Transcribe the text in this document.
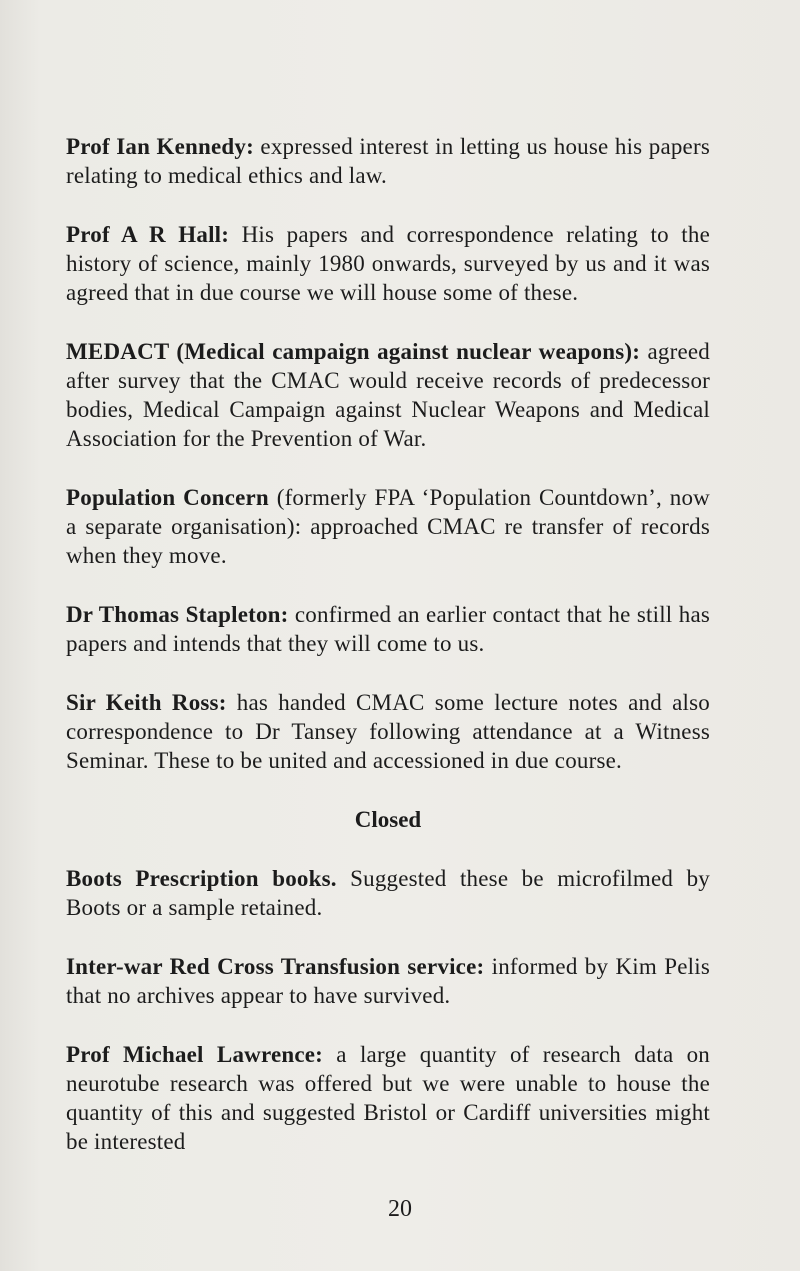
Prof Ian Kennedy: expressed interest in letting us house his papers relating to medical ethics and law.

Prof A R Hall: His papers and correspondence relating to the history of science, mainly 1980 onwards, surveyed by us and it was agreed that in due course we will house some of these.

MEDACT (Medical campaign against nuclear weapons): agreed after survey that the CMAC would receive records of predecessor bodies, Medical Campaign against Nuclear Weapons and Medical Association for the Prevention of War.

Population Concern (formerly FPA ‘Population Countdown’, now a separate organisation): approached CMAC re transfer of records when they move.

Dr Thomas Stapleton: confirmed an earlier contact that he still has papers and intends that they will come to us.

Sir Keith Ross: has handed CMAC some lecture notes and also correspondence to Dr Tansey following attendance at a Witness Seminar. These to be united and accessioned in due course.

Closed

Boots Prescription books. Suggested these be microfilmed by Boots or a sample retained.

Inter-war Red Cross Transfusion service: informed by Kim Pelis that no archives appear to have survived.

Prof Michael Lawrence: a large quantity of research data on neurotube research was offered but we were unable to house the quantity of this and suggested Bristol or Cardiff universities might be interested

20
